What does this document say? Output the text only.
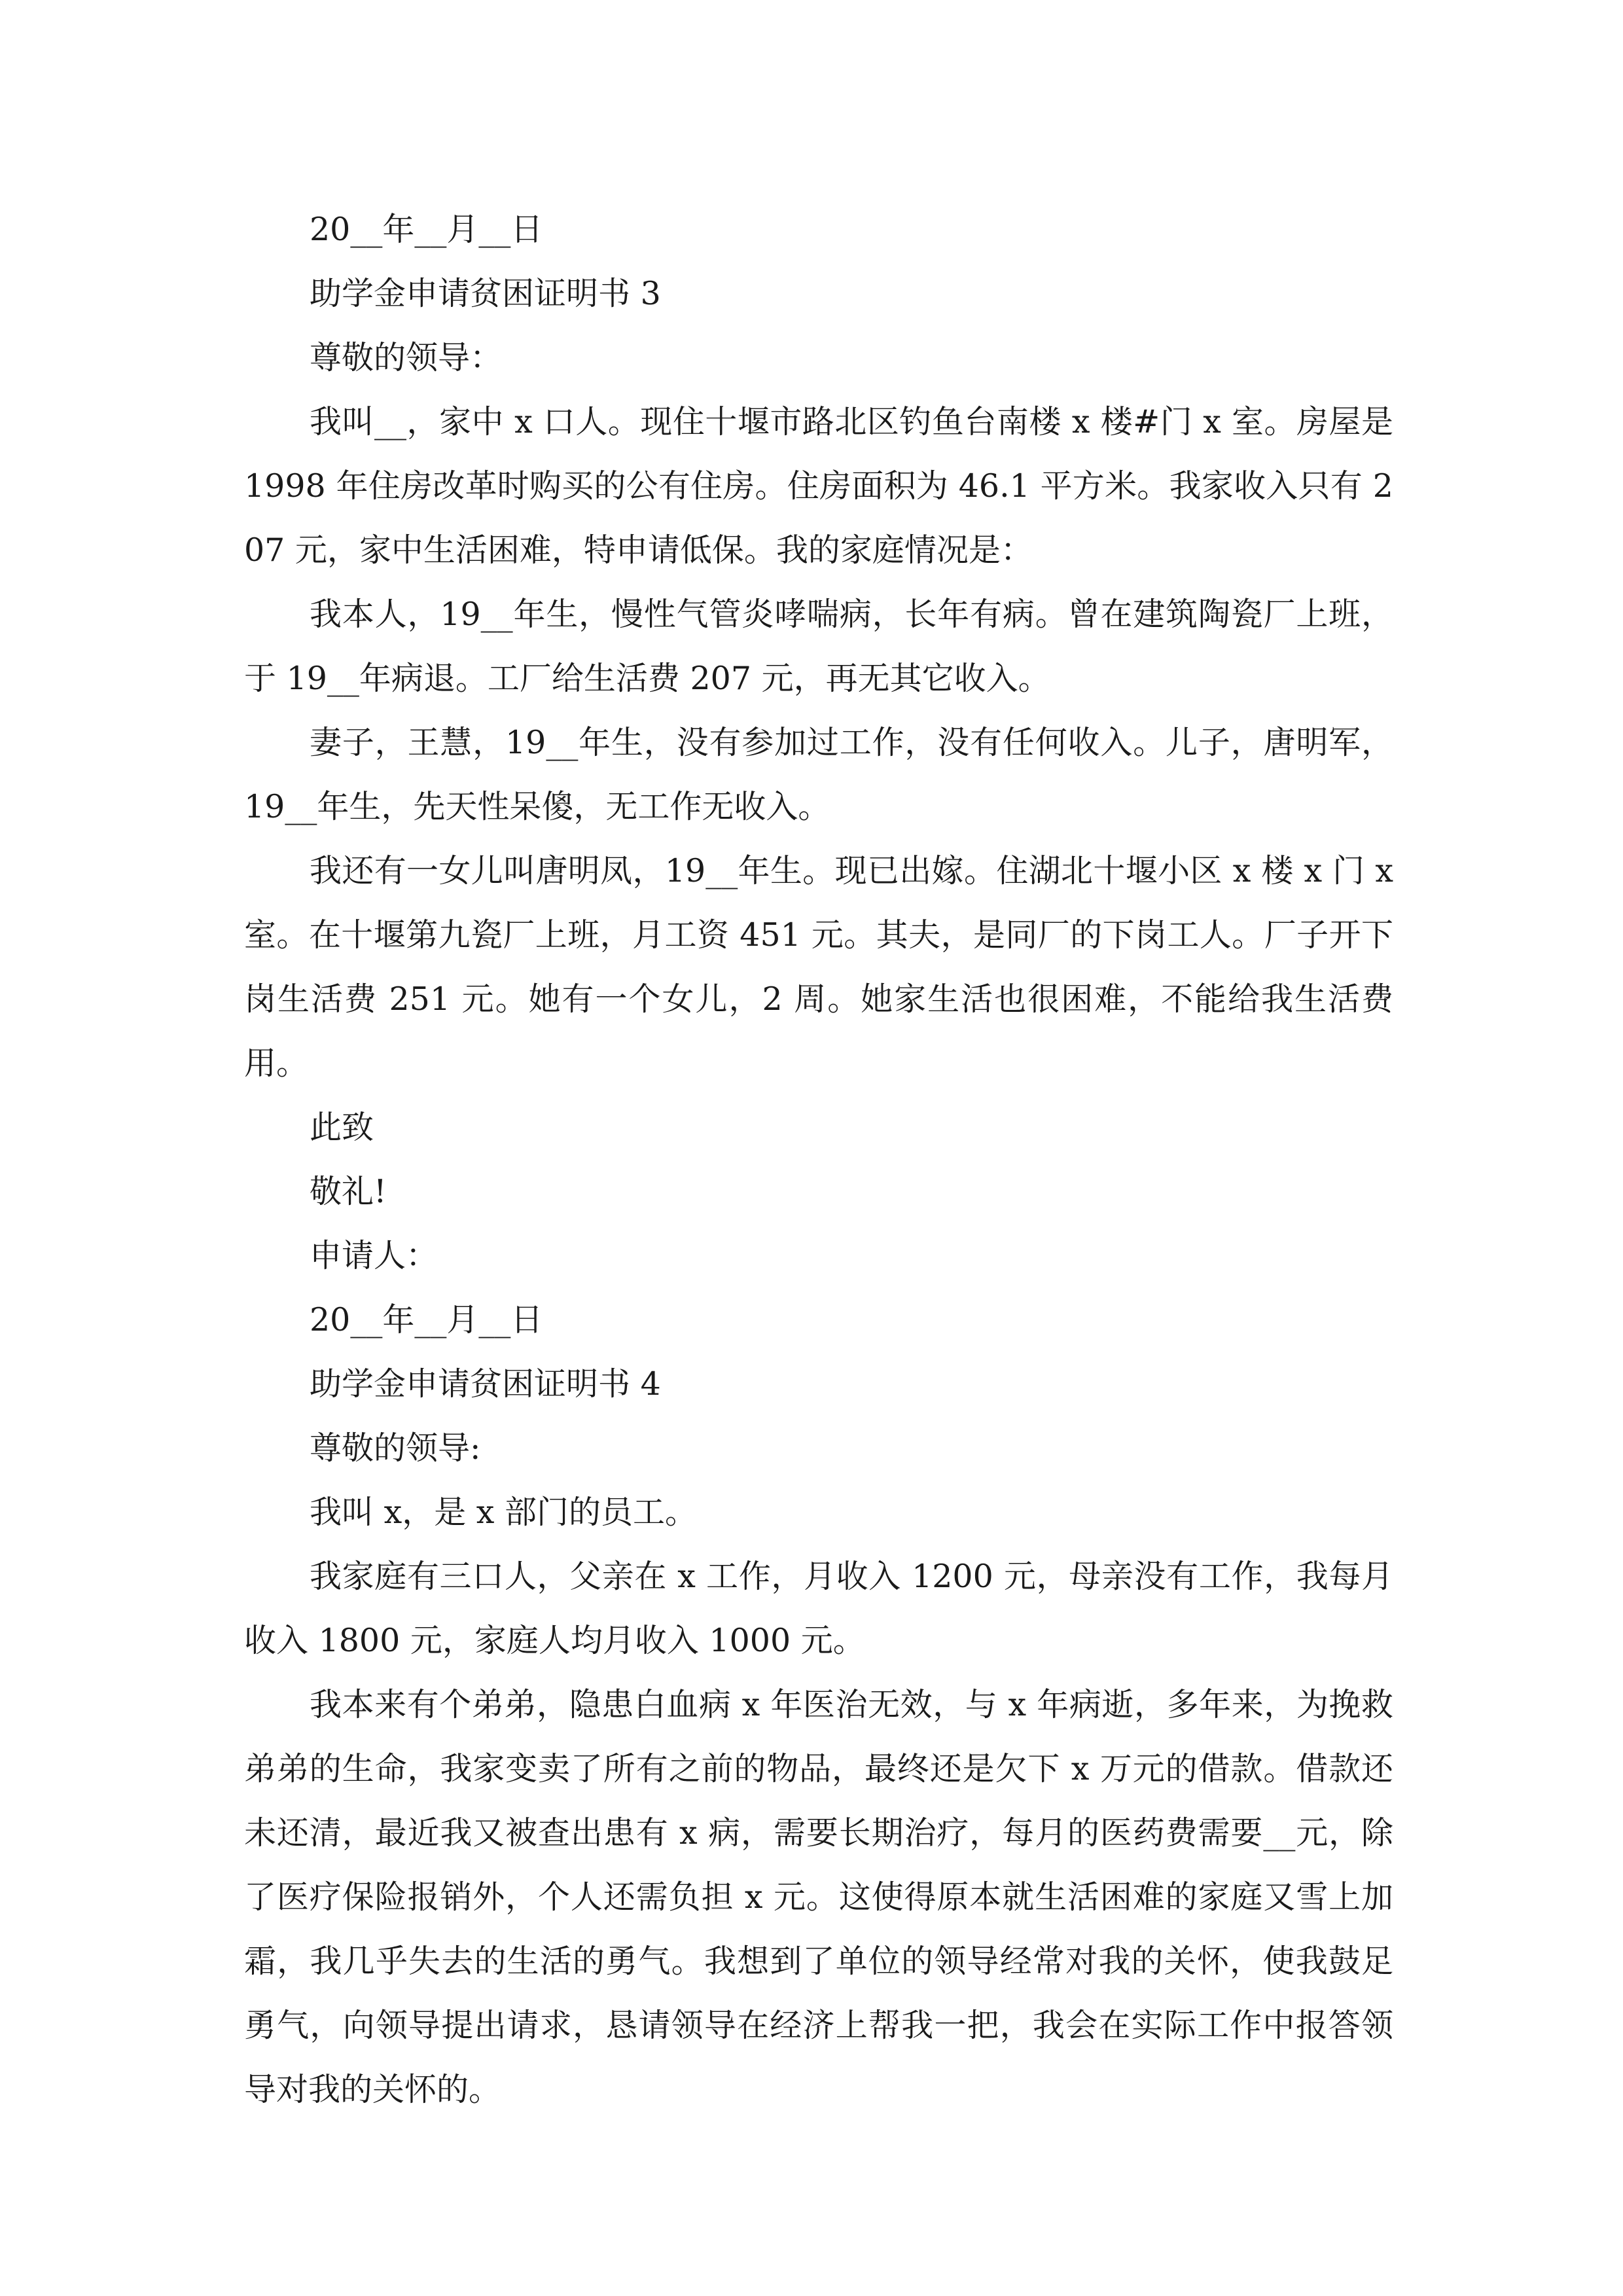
20__年__月__日

助学金申请贫困证明书 3

尊敬的领导：

我叫__，家中 x 口人。现住十堰市路北区钓鱼台南楼 x 楼#门 x 室。房屋是 1998 年住房改革时购买的公有住房。住房面积为 46.1 平方米。我家收入只有 207 元，家中生活困难，特申请低保。我的家庭情况是：

我本人，19__年生，慢性气管炎哮喘病，长年有病。曾在建筑陶瓷厂上班，于 19__年病退。工厂给生活费 207 元，再无其它收入。

妻子，王慧，19__年生，没有参加过工作，没有任何收入。儿子，唐明军，19__年生，先天性呆傻，无工作无收入。

我还有一女儿叫唐明凤，19__年生。现已出嫁。住湖北十堰小区 x 楼 x 门 x 室。在十堰第九瓷厂上班，月工资 451 元。其夫，是同厂的下岗工人。厂子开下岗生活费 251 元。她有一个女儿，2 周。她家生活也很困难，不能给我生活费用。

此致

敬礼!

申请人：

20__年__月__日

助学金申请贫困证明书 4

尊敬的领导:

我叫 x，是 x 部门的员工。

我家庭有三口人，父亲在 x 工作，月收入 1200 元，母亲没有工作，我每月收入 1800 元，家庭人均月收入 1000 元。

我本来有个弟弟，隐患白血病 x 年医治无效，与 x 年病逝，多年来，为挽救弟弟的生命，我家变卖了所有之前的物品，最终还是欠下 x 万元的借款。借款还未还清，最近我又被查出患有 x 病，需要长期治疗，每月的医药费需要__元，除了医疗保险报销外，个人还需负担 x 元。这使得原本就生活困难的家庭又雪上加霜，我几乎失去的生活的勇气。我想到了单位的领导经常对我的关怀，使我鼓足勇气，向领导提出请求，恳请领导在经济上帮我一把，我会在实际工作中报答领导对我的关怀的。
